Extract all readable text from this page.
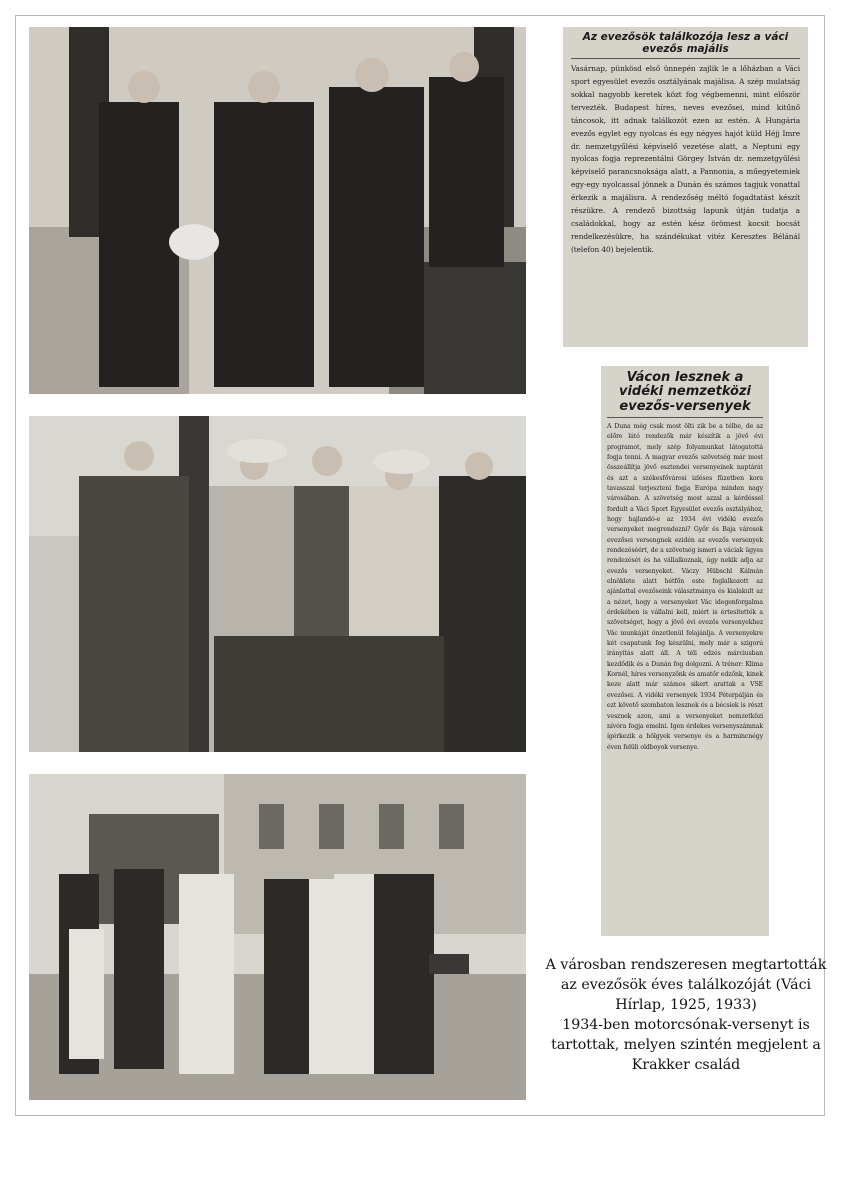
Az evezősök találkozója lesz a váci evezős majális
Vasárnap, pünkösd első ünnepén zajlik le a lőházban a Váci sport egyesület evezős osztályának majálisa. A szép mulatság sokkal nagyobb keretek közt fog végbemenni, mint először tervezték. Budapest híres, neves evezősei, mind kitűnő táncosok, itt adnak találkozót ezen az estén. A Hungária evezős egylet egy nyolcas és egy négyes hajót küld Héjj Imre dr. nemzetgyűlési képviselő vezetése alatt, a Neptuni egy nyolcas fogja reprezentálni Görgey István dr. nemzetgyűlési képviselő parancsnoksága alatt, a Pannonia, a műegyetemiek egy-egy nyolcassal jönnek a Dunán és számos tagjuk vonattal érkezik a majálisra. A rendezőség méltó fogadtatást készít részükre. A rendező bizottság lapunk útján tudatja a családokkal, hogy az estén kész örömest kocsit bocsát rendelkezésükre, ha szándékukat vitéz Keresztes Bélánál (telefon 40) bejelentik.
Vácon lesznek a vidéki nemzetközi evezős-versenyek
A Duna még csak most ölti zik be a télbe, de az előre látó rendezők már készítik a jövő évi programot, mely szép folyamunkat látogatottá fogja tenni. A magyar evezős szövetség már most összeállítja jövő esztendei versenyeinek naptárát és azt a székesfővárosi izléses füzetben kora tavasszal terjeszteni fogja Európa minden nagy városában. A szövetség most azzal a kérdéssel fordult a Váci Sport Egyesület evezős osztályához, hogy hajlandó-e az 1934 évi vidéki evezős versenyeket megrendezni? Győr és Baja városok evezősei versengnek ezidén az evezős versenyek rendezéséért, de a szövetség ismeri a váciak ügyes rendezését és ha vállalkoznak, úgy nekik adja az evezős versenyeket. Váczy Hübschl Kálmán elnöklete alatt hétfőn este foglalkozott az ajánlattal evezőseink választmánya és kialakult az a nézet, hogy a versenyeket Vác idegenforgalma érdekében is vállalni kell, miért is értesítették a szövetséget, hogy a jövő évi evezős versenyekhez Vác munkáját önzetlenül felajánlja. A versenyekre két csapatunk fog készülni, mely már a szigorú irányítás alatt áll. A téli edzés márciusban kezdődik és a Dunán fog dolgozni. A tréner: Klima Kornél, híres versenyzőnk és amatőr edzőnk, kinek keze alatt már számos sikert arattak a VSE evezősei. A vidéki versenyek 1934 Péterpálján és ezt követő szombaton lesznek és a bécsiek is részt vesznek azon, ami a versenyeket nemzetközi nívóra fogja emelni. Igen érdekes versenyszámnak ígérkezik a hölgyek versenye és a harmincnégy éven felüli oldboyok versenye.

A városban rendszeresen megtartották az evezősök éves találkozóját (Váci Hírlap, 1925, 1933)

1934-ben motorcsónak-versenyt is tartottak, melyen szintén megjelent a Krakker család
